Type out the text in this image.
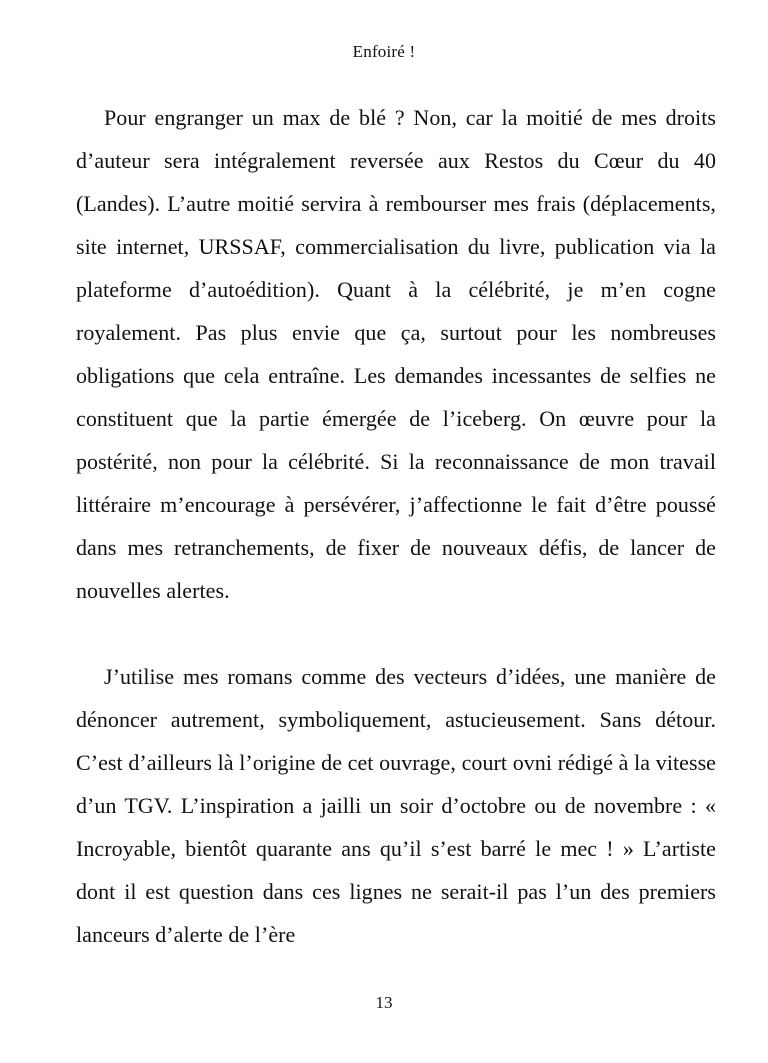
Enfoiré !

Pour engranger un max de blé ? Non, car la moitié de mes droits d’auteur sera intégralement reversée aux Restos du Cœur du 40 (Landes). L’autre moitié servira à rembourser mes frais (déplacements, site internet, URSSAF, commercialisation du livre, publication via la plateforme d’autoédition). Quant à la célébrité, je m’en cogne royalement. Pas plus envie que ça, surtout pour les nombreuses obligations que cela entraîne. Les demandes incessantes de selfies ne constituent que la partie émergée de l’iceberg. On œuvre pour la postérité, non pour la célébrité. Si la reconnaissance de mon travail littéraire m’encourage à persévérer, j’affectionne le fait d’être poussé dans mes retranchements, de fixer de nouveaux défis, de lancer de nouvelles alertes.

J’utilise mes romans comme des vecteurs d’idées, une manière de dénoncer autrement, symboliquement, astucieusement. Sans détour. C’est d’ailleurs là l’origine de cet ouvrage, court ovni rédigé à la vitesse d’un TGV. L’inspiration a jailli un soir d’octobre ou de novembre : « Incroyable, bientôt quarante ans qu’il s’est barré le mec ! » L’artiste dont il est question dans ces lignes ne serait-il pas l’un des premiers lanceurs d’alerte de l’ère

13
